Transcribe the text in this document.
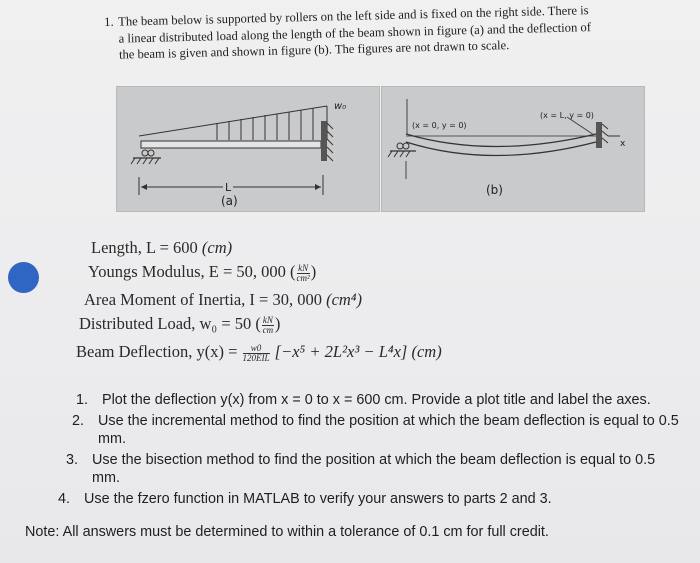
1. The beam below is supported by rollers on the left side and is fixed on the right side. There is a linear distributed load along the length of the beam shown in figure (a) and the deflection of the beam is given and shown in figure (b). The figures are not drawn to scale.
w₀
L
(a)
(x = 0, y = 0)
(x = L, y = 0)
x
(b)
Length, L = 600 (cm)
Youngs Modulus, E = 50, 000 ( $\frac{kN}{\text{cm²}}$ )
Area Moment of Inertia, I = 30, 000 (cm⁴)
Distributed Load, w₀ = 50 ( $\frac{kN}{cm}$ )
Beam Deflection, $y(x) = \frac{w0}{\text{120EIL}} [-x^5 + 2L^2x^3 - L^4x]$ (cm)
1. Plot the deflection y(x) from x = 0 to x = 600 cm. Provide a plot title and label the axes.
2. Use the incremental method to find the position at which the beam deflection is equal to 0.5 mm.
3. Use the bisection method to find the position at which the beam deflection is equal to 0.5 mm.
4. Use the fzero function in MATLAB to verify your answers to parts 2 and 3.
Note: All answers must be determined to within a tolerance of 0.1 cm for full credit.
